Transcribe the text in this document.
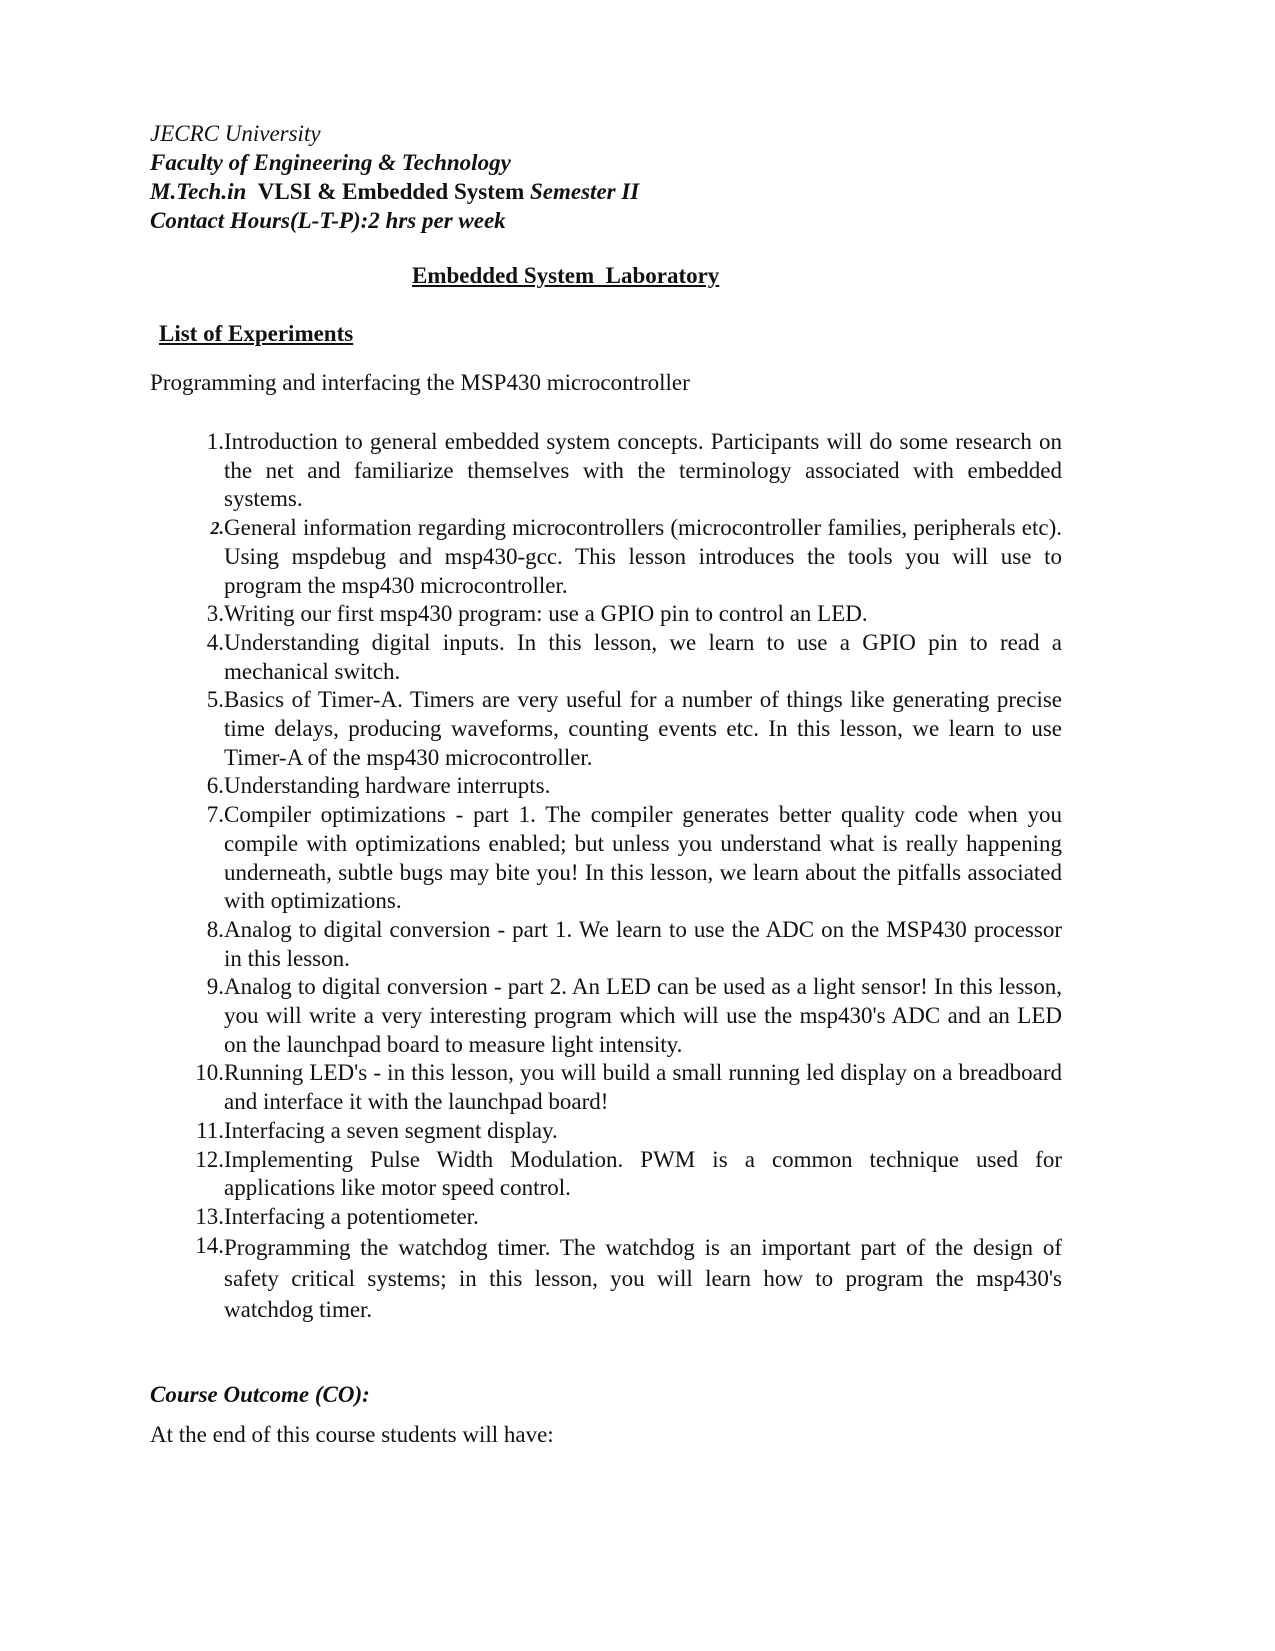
JECRC University
Faculty of Engineering & Technology
M.Tech.in VLSI & Embedded System Semester II
Contact Hours(L-T-P):2 hrs per week
Embedded System  Laboratory
List of Experiments
Programming and interfacing the MSP430 microcontroller
1. Introduction to general embedded system concepts. Participants will do some research on the net and familiarize themselves with the terminology associated with embedded systems.
2. General information regarding microcontrollers (microcontroller families, peripherals etc). Using mspdebug and msp430-gcc. This lesson introduces the tools you will use to program the msp430 microcontroller.
3. Writing our first msp430 program: use a GPIO pin to control an LED.
4. Understanding digital inputs. In this lesson, we learn to use a GPIO pin to read a mechanical switch.
5. Basics of Timer-A. Timers are very useful for a number of things like generating precise time delays, producing waveforms, counting events etc. In this lesson, we learn to use Timer-A of the msp430 microcontroller.
6. Understanding hardware interrupts.
7. Compiler optimizations - part 1. The compiler generates better quality code when you compile with optimizations enabled; but unless you understand what is really happening underneath, subtle bugs may bite you! In this lesson, we learn about the pitfalls associated with optimizations.
8. Analog to digital conversion - part 1. We learn to use the ADC on the MSP430 processor in this lesson.
9. Analog to digital conversion - part 2. An LED can be used as a light sensor! In this lesson, you will write a very interesting program which will use the msp430's ADC and an LED on the launchpad board to measure light intensity.
10. Running LED's - in this lesson, you will build a small running led display on a breadboard and interface it with the launchpad board!
11. Interfacing a seven segment display.
12. Implementing Pulse Width Modulation. PWM is a common technique used for applications like motor speed control.
13. Interfacing a potentiometer.
14. Programming the watchdog timer. The watchdog is an important part of the design of safety critical systems; in this lesson, you will learn how to program the msp430's watchdog timer.
Course Outcome (CO):
At the end of this course students will have:
